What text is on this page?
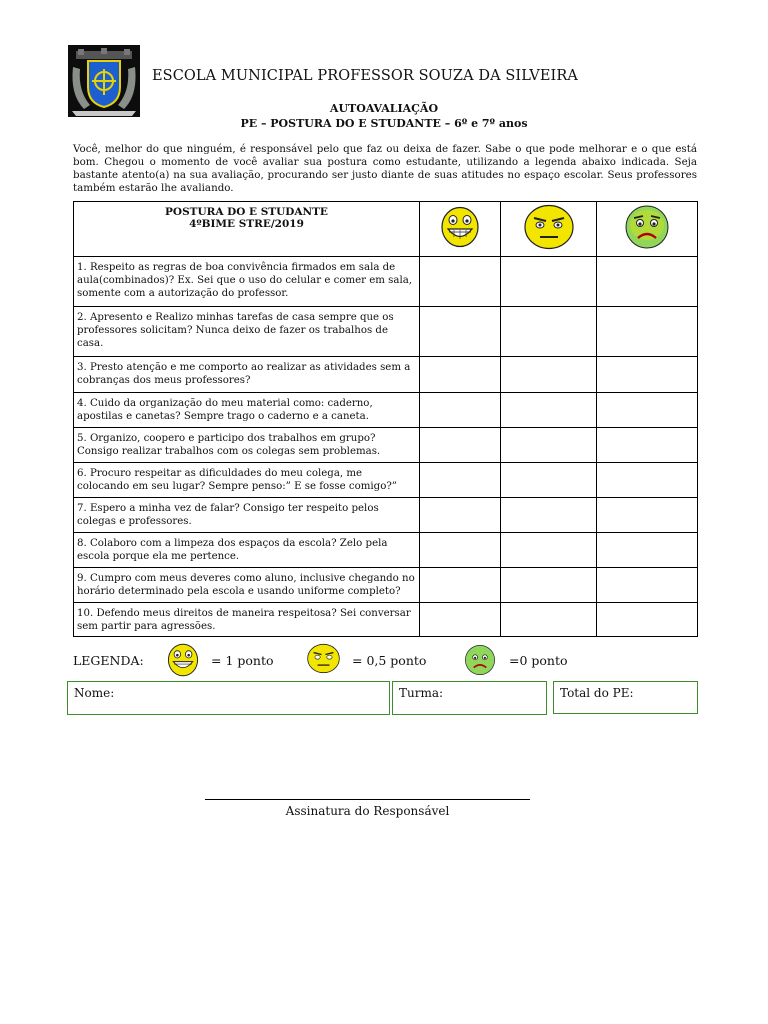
ESCOLA MUNICIPAL PROFESSOR SOUZA DA SILVEIRA
AUTOAVALIAÇÃO
PE – POSTURA DO E STUDANTE – 6º e 7º anos
Você, melhor do que ninguém, é responsável pelo que faz ou deixa de fazer. Sabe o que pode melhorar e o que está bom. Chegou o momento de você avaliar sua postura como estudante, utilizando a legenda abaixo indicada. Seja bastante atento(a) na sua avaliação, procurando ser justo diante de suas atitudes no espaço escolar. Seus professores também estarão lhe avaliando.
POSTURA DO E STUDANTE
4ºBIME STRE/2019

1. Respeito as regras de boa convivência firmados em sala de aula(combinados)? Ex. Sei que o uso do celular e comer em sala, somente com a autorização do professor.			
2. Apresento e Realizo minhas tarefas de casa sempre que os professores solicitam? Nunca deixo de fazer os trabalhos de casa.			
3. Presto atenção e me comporto ao realizar as atividades sem a cobranças dos meus professores?			
4. Cuido da organização do meu material como: caderno, apostilas e canetas? Sempre trago o caderno e a caneta.			
5. Organizo, coopero e participo dos trabalhos em grupo? Consigo realizar trabalhos com os colegas sem problemas.			
6. Procuro respeitar as dificuldades do meu colega, me colocando em seu lugar? Sempre penso:” E se fosse comigo?”			
7. Espero a minha vez de falar? Consigo ter respeito pelos colegas e professores.			
8. Colaboro com a limpeza dos espaços da escola? Zelo pela escola porque ela me pertence.			
9. Cumpro com meus deveres como aluno, inclusive chegando no horário determinado pela escola e usando uniforme completo?			
10. Defendo meus direitos de maneira respeitosa? Sei conversar sem partir para agressões.			
LEGENDA:	= 1 ponto	= 0,5 ponto	=0 ponto
Nome:	Turma:	Total do PE:
Assinatura do Responsável
